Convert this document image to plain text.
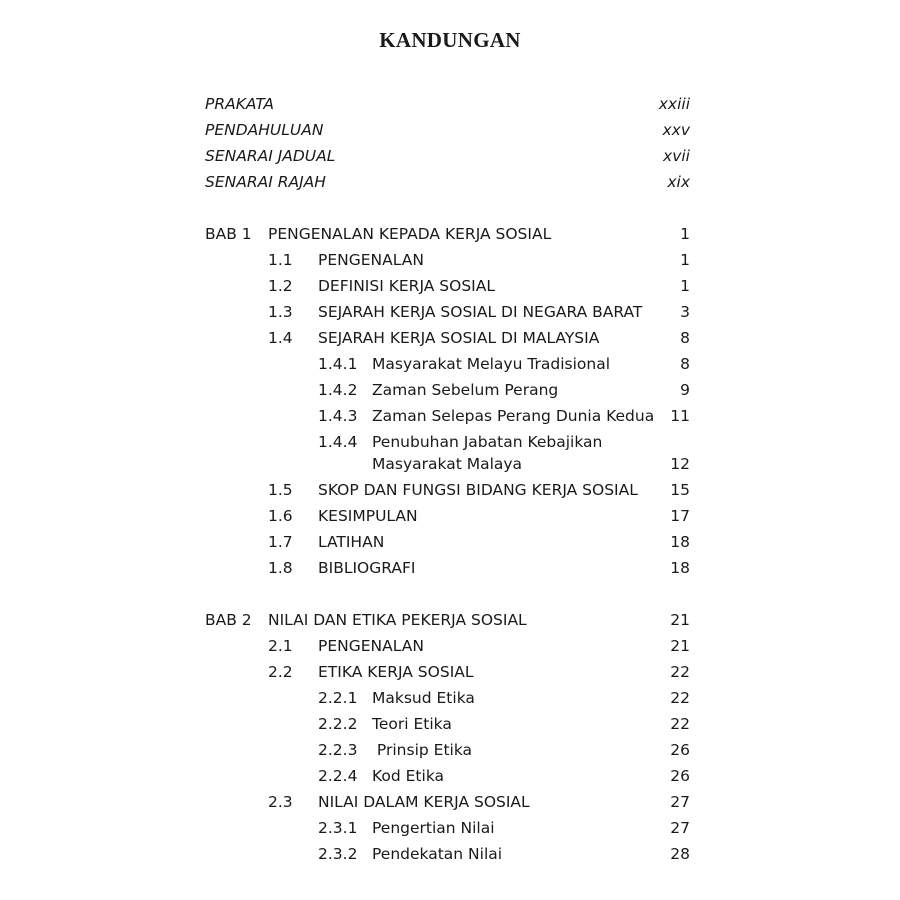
KANDUNGAN
PRAKATA	xxiii
PENDAHULUAN	xxv
SENARAI JADUAL	xvii
SENARAI RAJAH	xix
BAB 1 PENGENALAN KEPADA KERJA SOSIAL	1
1.1 PENGENALAN	1
1.2 DEFINISI KERJA SOSIAL	1
1.3 SEJARAH KERJA SOSIAL DI NEGARA BARAT 3
1.4 SEJARAH KERJA SOSIAL DI MALAYSIA	8
1.4.1 Masyarakat Melayu Tradisional	8
1.4.2 Zaman Sebelum Perang	9
1.4.3 Zaman Selepas Perang Dunia Kedua 11
1.4.4 Penubuhan Jabatan Kebajikan
Masyarakat Malaya	12
1.5 SKOP DAN FUNGSI BIDANG KERJA SOSIAL 15
1.6 KESIMPULAN	17
1.7 LATIHAN	18
1.8 BIBLIOGRAFI	18
BAB 2 NILAI DAN ETIKA PEKERJA SOSIAL	21
2.1 PENGENALAN	21
2.2 ETIKA KERJA SOSIAL	22
2.2.1 Maksud Etika	22
2.2.2 Teori Etika	22
2.2.3 Prinsip Etika	26
2.2.4 Kod Etika	26
2.3 NILAI DALAM KERJA SOSIAL	27
2.3.1 Pengertian Nilai	27
2.3.2 Pendekatan Nilai	28
